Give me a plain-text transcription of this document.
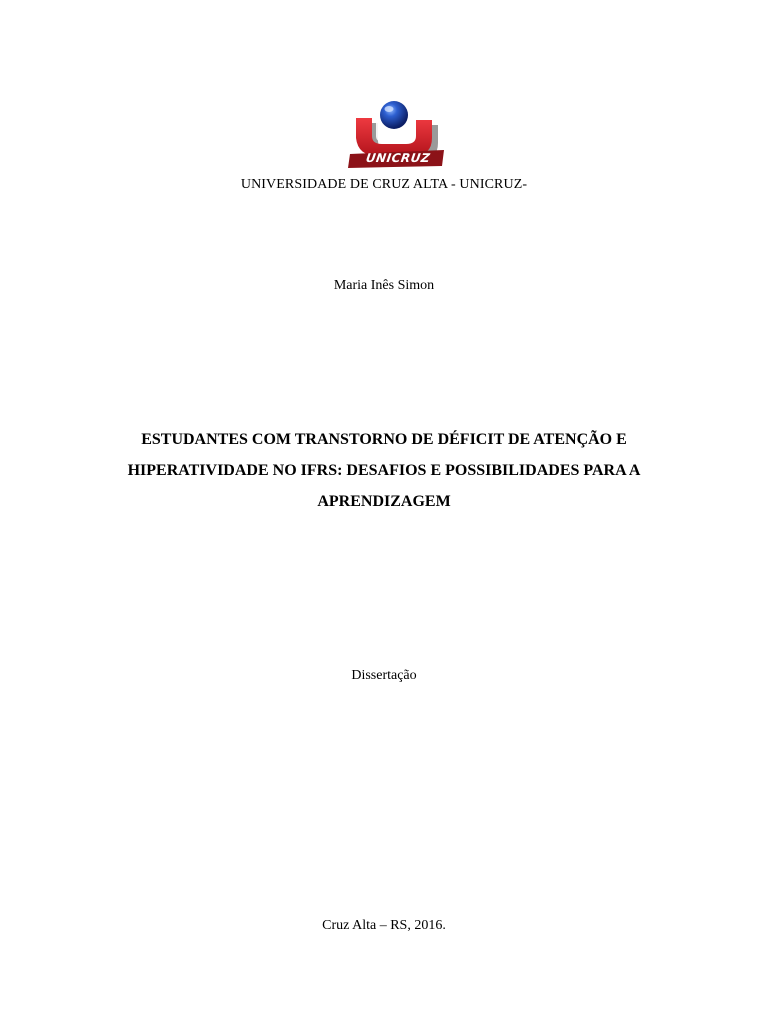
UNICRUZ
UNIVERSIDADE DE CRUZ ALTA - UNICRUZ-
Maria Inês Simon
ESTUDANTES COM TRANSTORNO DE DÉFICIT DE ATENÇÃO E
HIPERATIVIDADE NO IFRS: DESAFIOS E POSSIBILIDADES PARA A
APRENDIZAGEM
Dissertação
Cruz Alta – RS, 2016.
